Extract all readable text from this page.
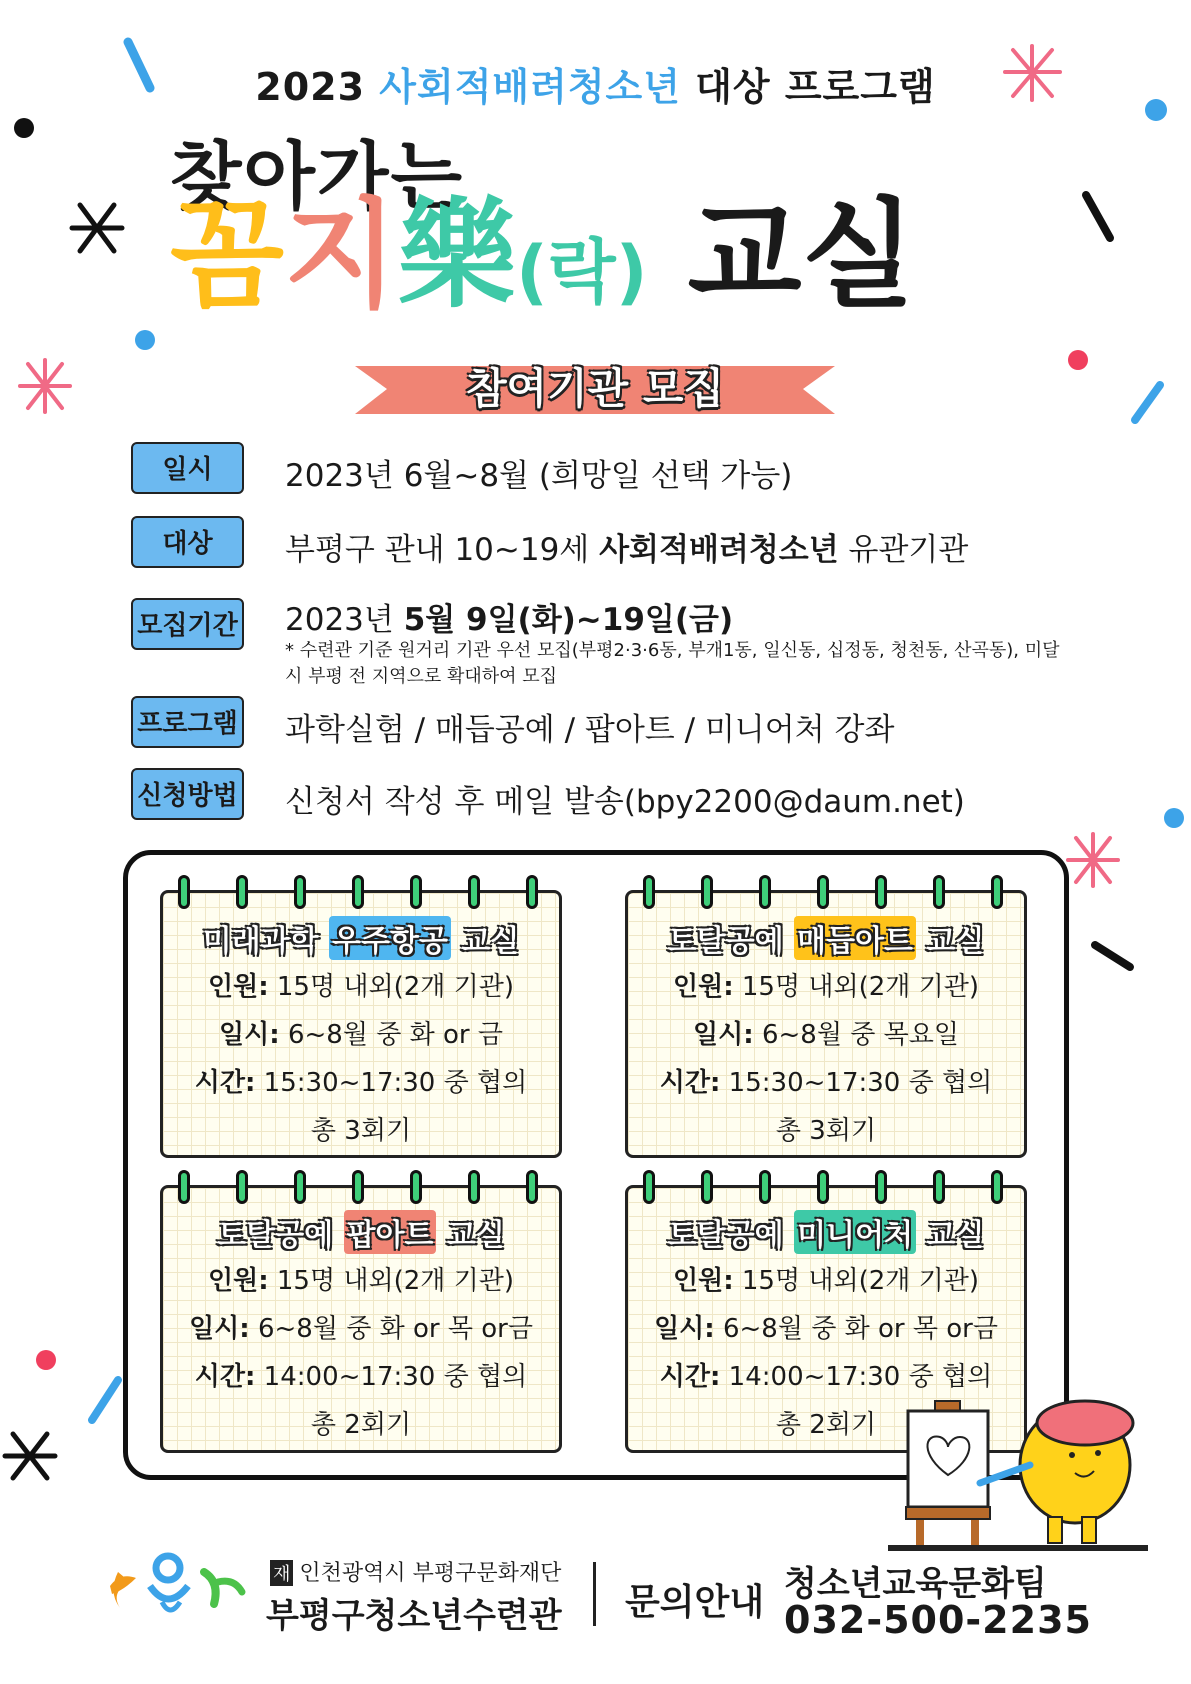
2023 사회적배려청소년 대상 프로그램
찾아가는
꼼지樂(락) 교실
참여기관 모집
일시	2023년 6월~8월 (희망일 선택 가능)
대상	부평구 관내 10~19세 사회적배려청소년 유관기관
모집기간 2023년 5월 9일(화)~19일(금)
* 수련관 기준 원거리 기관 우선 모집(부평2·3·6동, 부개1동, 일신동, 십정동, 청천동, 산곡동), 미달 시 부평 전 지역으로 확대하여 모집
프로그램 과학실험 / 매듭공예 / 팝아트 / 미니어처 강좌
신청방법 신청서 작성 후 메일 발송(bpy2200@daum.net)
미래과학 우주항공 교실
인원: 15명 내외(2개 기관)
일시: 6~8월 중 화 or 금
시간: 15:30~17:30 중 협의
총 3회기
토탈공예 매듭아트 교실
인원: 15명 내외(2개 기관)
일시: 6~8월 중 목요일
시간: 15:30~17:30 중 협의
총 3회기
토탈공예 팝아트 교실
인원: 15명 내외(2개 기관)
일시: 6~8월 중 화 or 목 or금
시간: 14:00~17:30 중 협의
총 2회기
토탈공예 미니어처 교실
인원: 15명 내외(2개 기관)
일시: 6~8월 중 화 or 목 or금
시간: 14:00~17:30 중 협의
총 2회기
재 인천광역시 부평구문화재단
부평구청소년수련관 문의안내 청소년교육문화팀
032-500-2235
